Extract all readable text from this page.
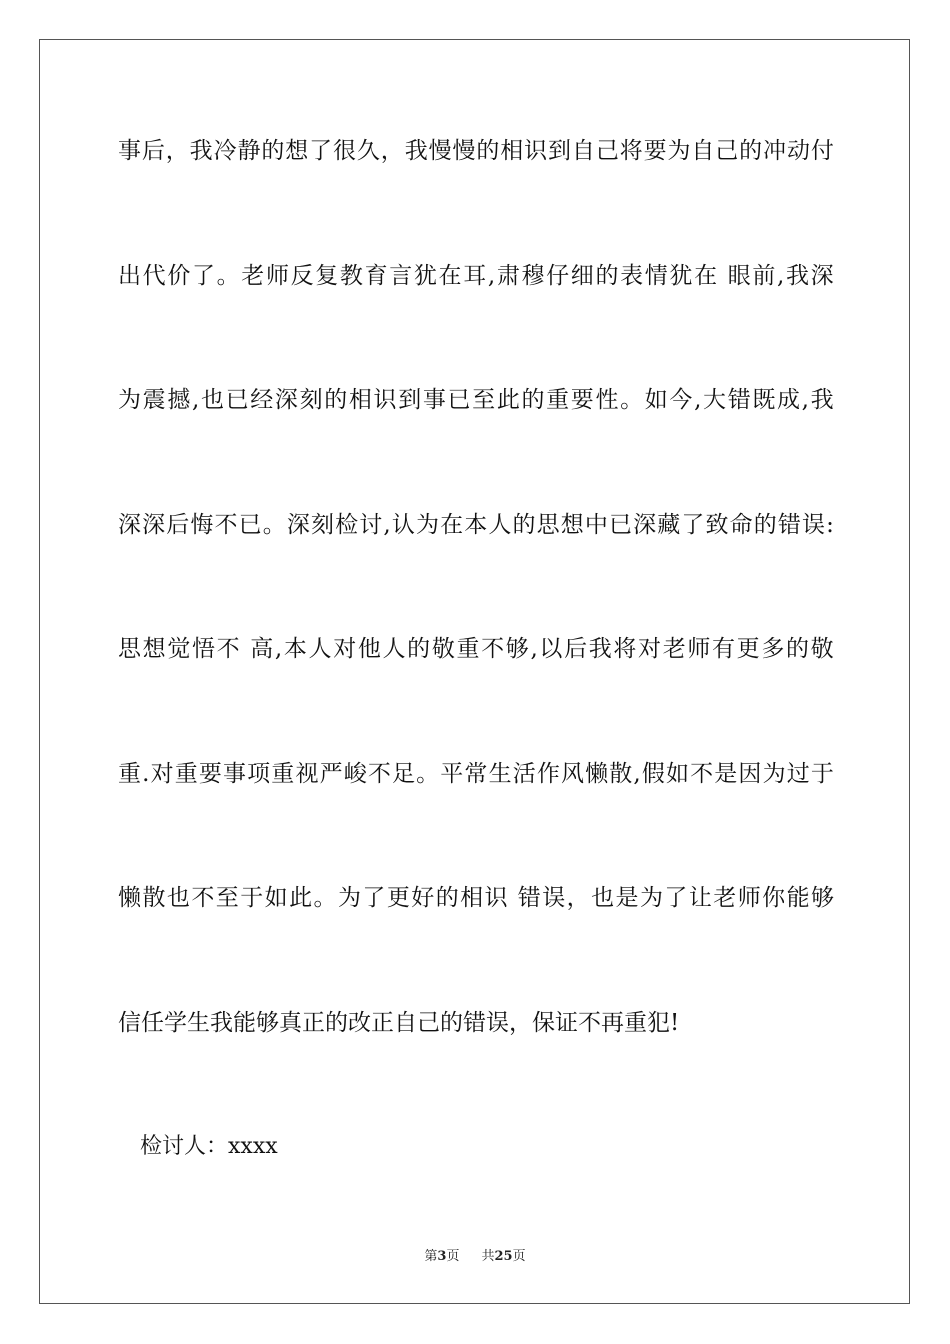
事 后 ， 我 冷 静 的 想 了 很 久 ， 我 慢 慢 的 相 识 到 自 己 将 要 为 自 己 的 冲 动 付
出 代 价 了 。 老 师 反 复 教 育 言 犹 在 耳 , 肃 穆 仔 细 的 表 情 犹 在
眼 前 , 我 深
为 震 撼 , 也 已 经 深 刻 的 相 识 到 事 已 至 此 的 重 要 性 。 如 今 , 大 错 既 成 , 我
深 深 后 悔 不 已 。 深 刻 检 讨 , 认 为 在 本 人 的 思 想 中 已 深 藏 了 致 命 的 错 误 :
思 想 觉 悟 不
高 , 本 人 对 他 人 的 敬 重 不 够 , 以 后 我 将 对 老 师 有 更 多 的 敬
重 . 对 重 要 事 项 重 视 严 峻 不 足 。 平 常 生 活 作 风 懒 散 , 假 如 不 是 因 为 过 于
懒 散 也 不 至 于 如 此 。 为 了 更 好 的 相 识
错 误 ， 也 是 为 了 让 老 师 你 能 够
信任学生我能够真正的改正自己的错误，保证不再重犯!
检讨人：xxxx
第3页 共25页
